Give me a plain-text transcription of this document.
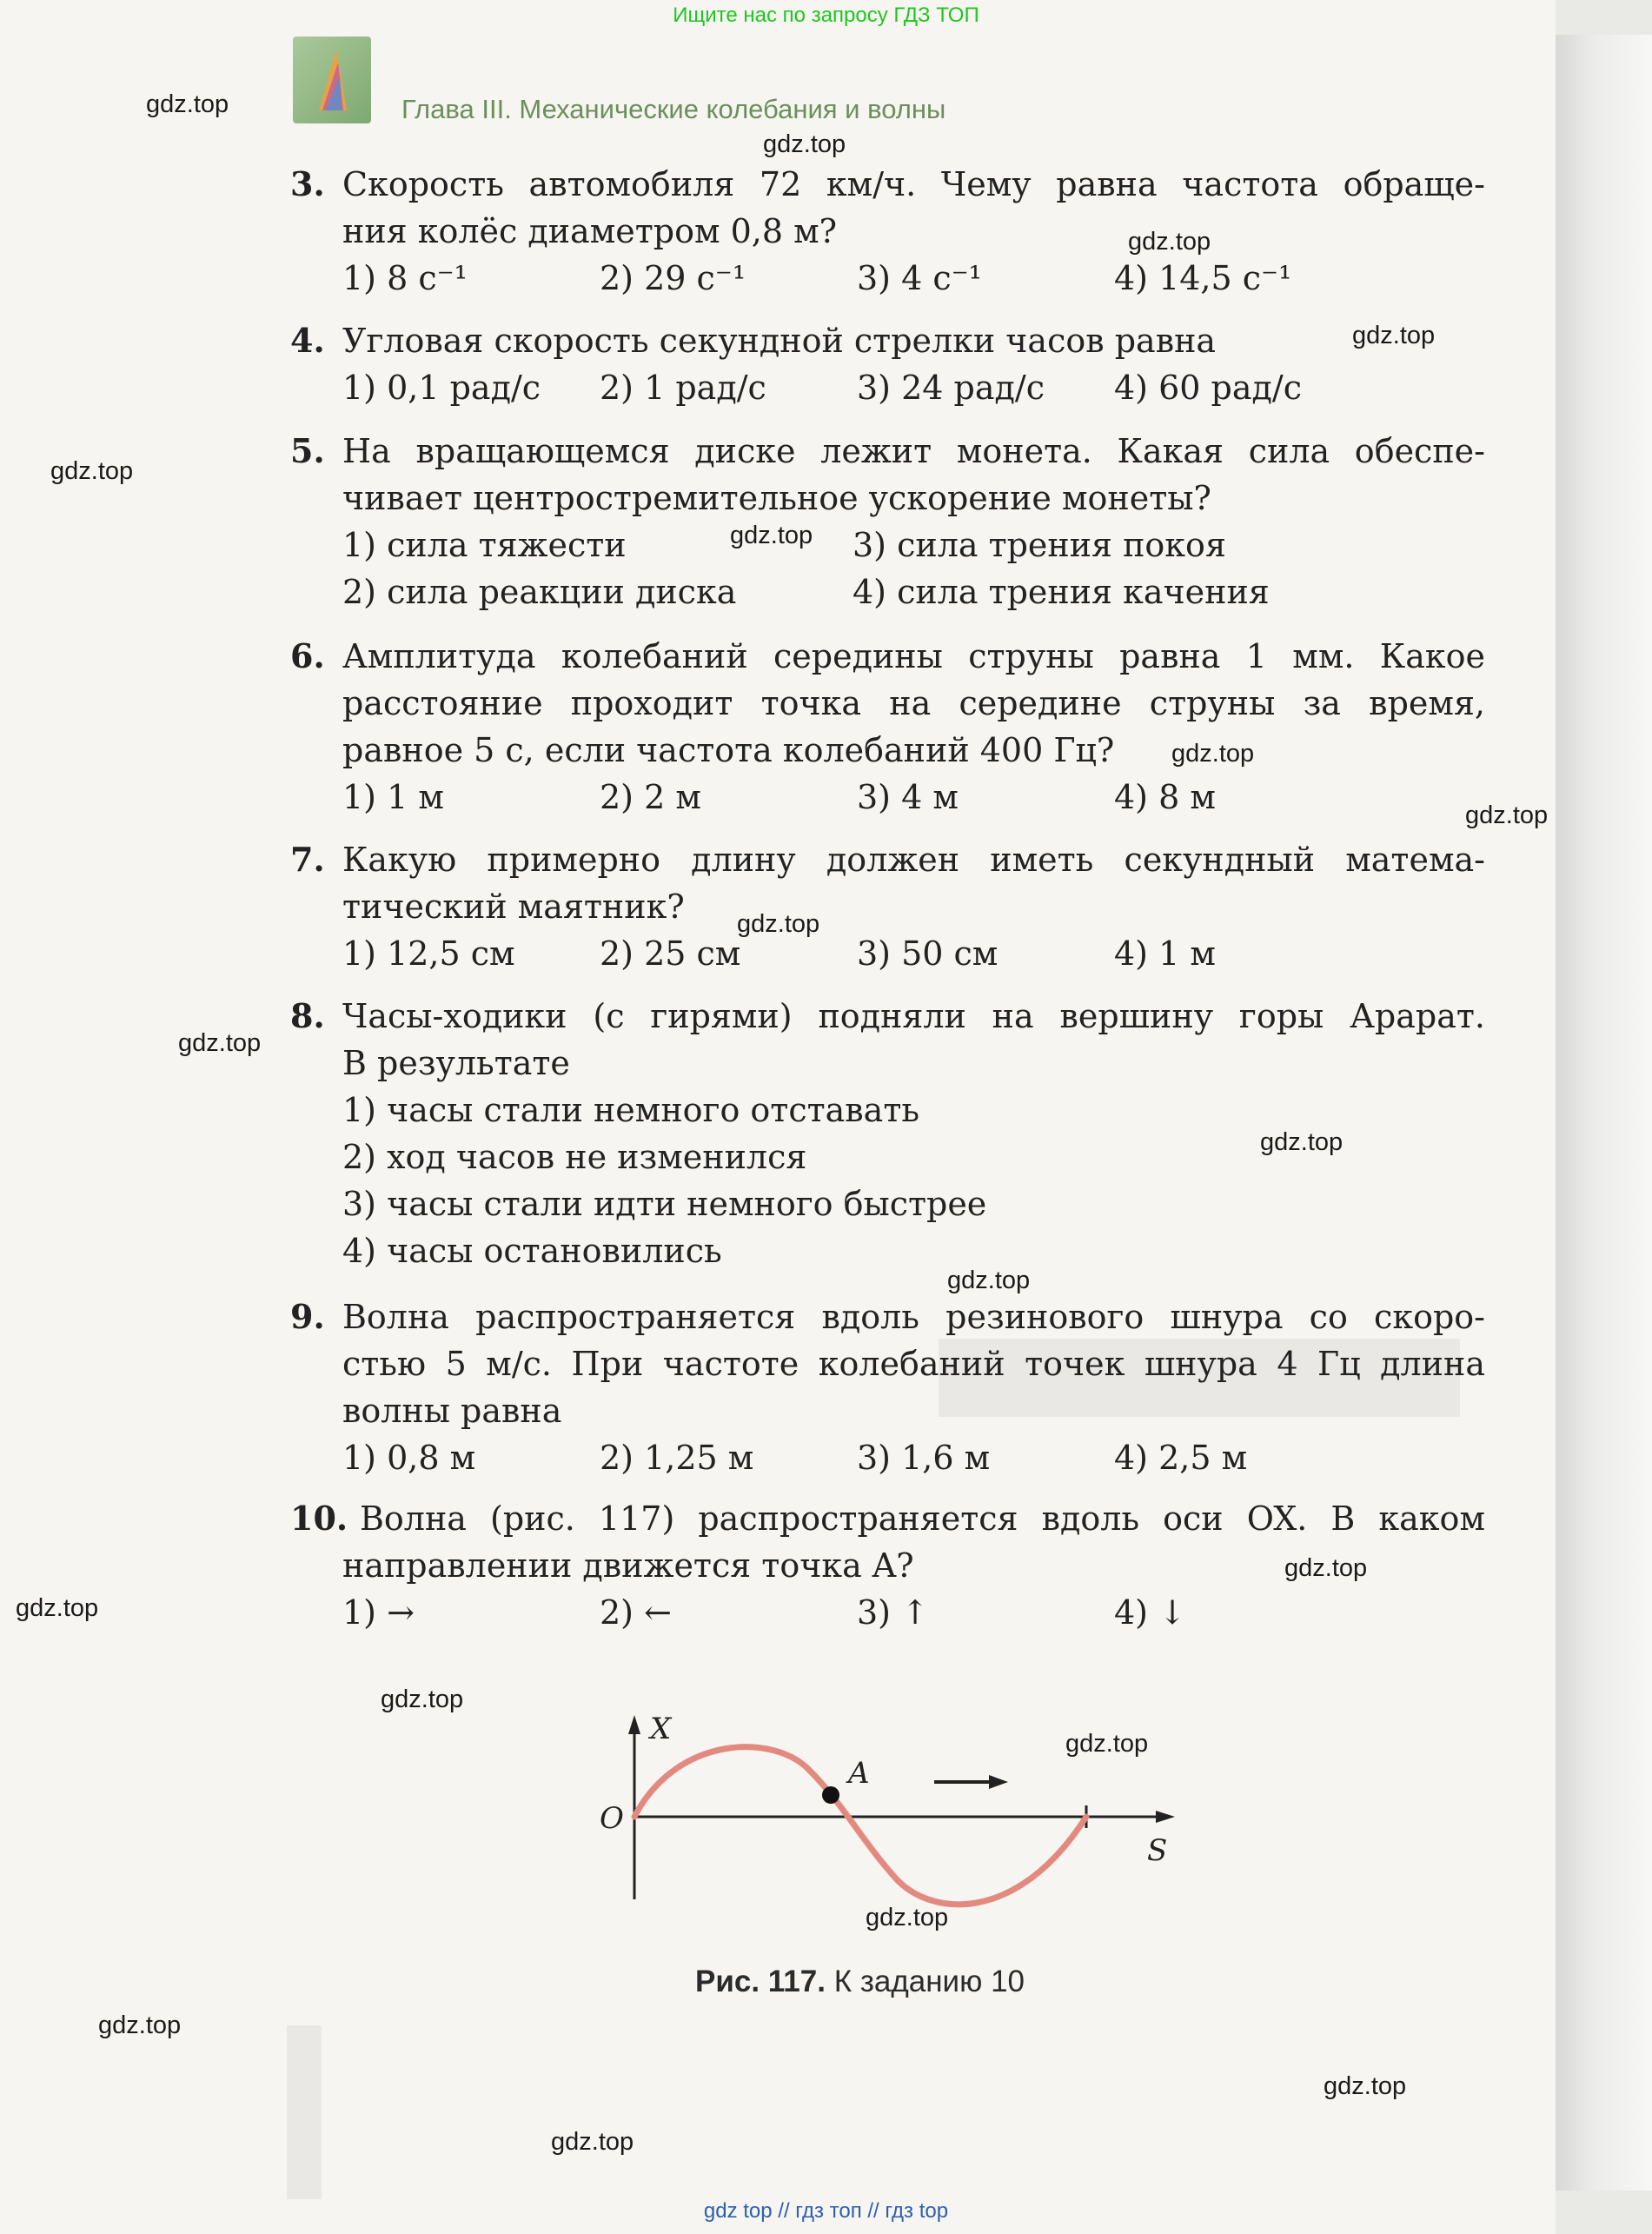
Ищите нас по запросу ГДЗ ТОП
Глава III. Механические колебания и волны
3. Скорость автомобиля 72 км/ч. Чему равна частота обраще-
ния колёс диаметром 0,8 м?
1) 8 с⁻¹	2) 29 с⁻¹	3) 4 с⁻¹	4) 14,5 с⁻¹
4. Угловая скорость секундной стрелки часов равна
1) 0,1 рад/с	2) 1 рад/с	3) 24 рад/с	4) 60 рад/с
5. На вращающемся диске лежит монета. Какая сила обеспе-
чивает центростремительное ускорение монеты?
1) сила тяжести	3) сила трения покоя
2) сила реакции диска	4) сила трения качения
6. Амплитуда колебаний середины струны равна 1 мм. Какое
расстояние проходит точка на середине струны за время,
равное 5 с, если частота колебаний 400 Гц?
1) 1 м	2) 2 м	3) 4 м	4) 8 м
7. Какую примерно длину должен иметь секундный матема-
тический маятник?
1) 12,5 см	2) 25 см	3) 50 см	4) 1 м
8. Часы-ходики (с гирями) подняли на вершину горы Арарат.
В результате
1) часы стали немного отставать
2) ход часов не изменился
3) часы стали идти немного быстрее
4) часы остановились
9. Волна распространяется вдоль резинового шнура со скоро-
стью 5 м/с. При частоте колебаний точек шнура 4 Гц длина
волны равна
1) 0,8 м	2) 1,25 м	3) 1,6 м	4) 2,5 м
10. Волна (рис. 117) распространяется вдоль оси OX. В каком
направлении движется точка A?
1) →	2) ←	3) ↑	4) ↓
X
S
O
A
Рис. 117. К заданию 10
gdz.top
gdz.top
gdz.top
gdz.top
gdz.top
gdz.top
gdz.top
gdz.top
gdz.top
gdz.top
gdz.top
gdz.top
gdz.top
gdz.top
gdz.top
gdz.top
gdz.top
gdz.top
gdz.top
gdz.top
gdz top // гдз топ // гдз top
